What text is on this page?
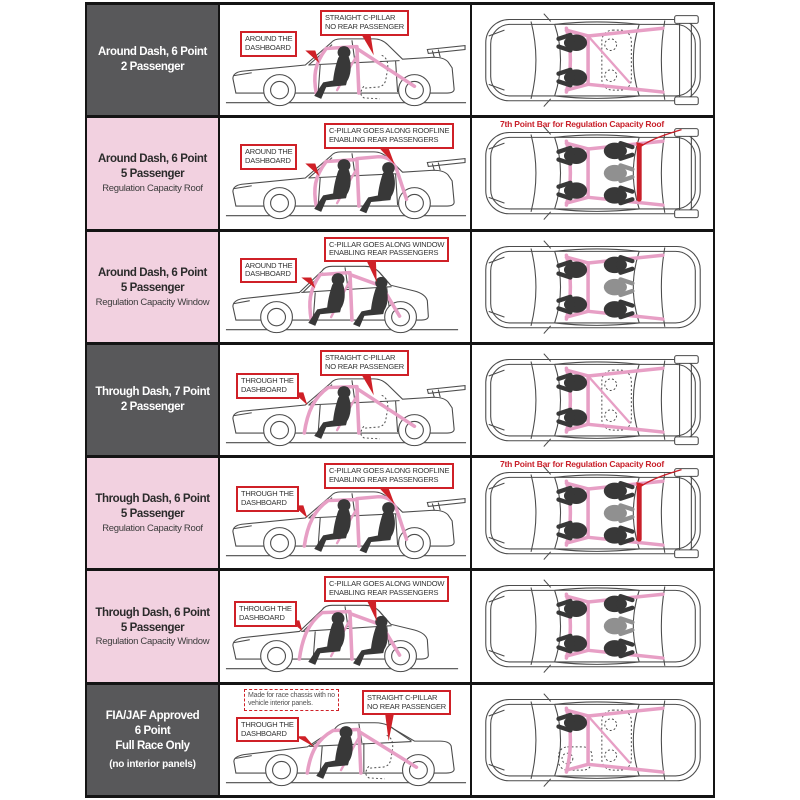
Around Dash, 6 Point
2 Passenger
AROUND THE
DASHBOARD
STRAIGHT C-PILLAR
NO REAR PASSENGER
Around Dash, 6 Point
5 Passenger
Regulation Capacity Roof
AROUND THE
DASHBOARD
C-PILLAR GOES ALONG ROOFLINE
ENABLING REAR PASSENGERS
7th Point Bar for Regulation Capacity Roof
Around Dash, 6 Point
5 Passenger
Regulation Capacity Window
AROUND THE
DASHBOARD
C-PILLAR GOES ALONG WINDOW
ENABLING REAR PASSENGERS
Through Dash, 7 Point
2 Passenger
THROUGH THE
DASHBOARD
STRAIGHT C-PILLAR
NO REAR PASSENGER
Through Dash, 6 Point
5 Passenger
Regulation Capacity Roof
THROUGH THE
DASHBOARD
C-PILLAR GOES ALONG ROOFLINE
ENABLING REAR PASSENGERS
7th Point Bar for Regulation Capacity Roof
Through Dash, 6 Point
5 Passenger
Regulation Capacity Window
THROUGH THE
DASHBOARD
C-PILLAR GOES ALONG WINDOW
ENABLING REAR PASSENGERS
FIA/JAF Approved
6 Point
Full Race Only
(no interior panels)
Made for race chassis with no
vehicle interior panels.
THROUGH THE
DASHBOARD
STRAIGHT C-PILLAR
NO REAR PASSENGER
